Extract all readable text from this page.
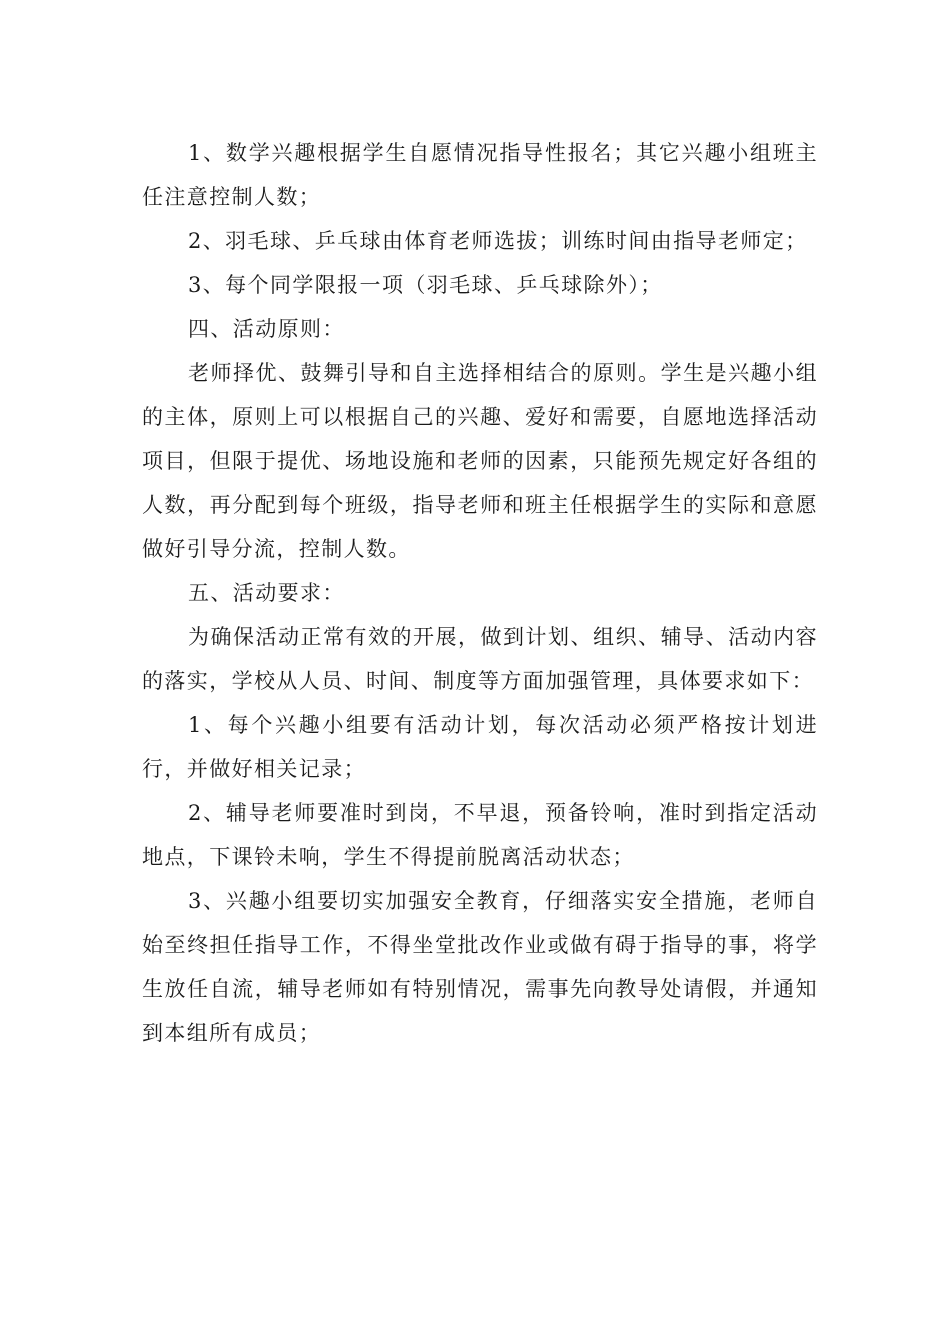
1、数学兴趣根据学生自愿情况指导性报名；其它兴趣小组班主任注意控制人数；

2、羽毛球、乒乓球由体育老师选拔；训练时间由指导老师定；

3、每个同学限报一项（羽毛球、乒乓球除外）；

四、活动原则：

老师择优、鼓舞引导和自主选择相结合的原则。学生是兴趣小组的主体，原则上可以根据自己的兴趣、爱好和需要，自愿地选择活动项目，但限于提优、场地设施和老师的因素，只能预先规定好各组的人数，再分配到每个班级，指导老师和班主任根据学生的实际和意愿做好引导分流，控制人数。

五、活动要求：

为确保活动正常有效的开展，做到计划、组织、辅导、活动内容的落实，学校从人员、时间、制度等方面加强管理，具体要求如下：

1、每个兴趣小组要有活动计划，每次活动必须严格按计划进行，并做好相关记录；

2、辅导老师要准时到岗，不早退，预备铃响，准时到指定活动地点，下课铃未响，学生不得提前脱离活动状态；

3、兴趣小组要切实加强安全教育，仔细落实安全措施，老师自始至终担任指导工作，不得坐堂批改作业或做有碍于指导的事，将学生放任自流，辅导老师如有特别情况，需事先向教导处请假，并通知到本组所有成员；
